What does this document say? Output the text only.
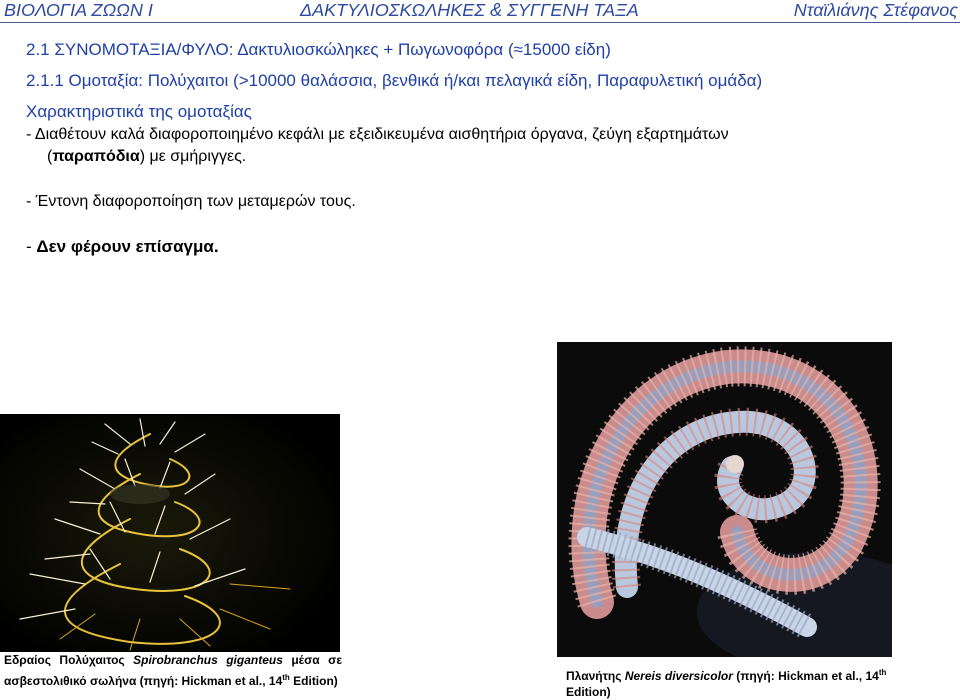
ΒΙΟΛΟΓΙΑ ΖΩΩΝ Ι	ΔΑΚΤΥΛΙΟΣΚΩΛΗΚΕΣ & ΣΥΓΓΕΝΗ ΤΑΞΑ	Νταϊλιάνης Στέφανος
2.1 ΣΥΝΟΜΟΤΑΞΙΑ/ΦΥΛΟ: Δακτυλιοσκώληκες + Πωγωνοφόρα (≈15000 είδη)
2.1.1 Ομοταξία: Πολύχαιτοι (>10000 θαλάσσια, βενθικά ή/και πελαγικά είδη, Παραφυλετική ομάδα)
Χαρακτηριστικά της ομοταξίας
- Διαθέτουν καλά διαφοροποιημένο κεφάλι με εξειδικευμένα αισθητήρια όργανα, ζεύγη εξαρτημάτων
(παραπόδια) με σμήριγγες.
- Έντονη διαφοροποίηση των μεταμερών τους.
- Δεν φέρουν επίσαγμα.
Εδραίος Πολύχαιτος Spirobranchus giganteus μέσα σε ασβεστολιθικό σωλήνα (πηγή: Hickman et al., 14th Edition)	Πλανήτης Nereis diversicolor (πηγή: Hickman et al., 14th Edition)
